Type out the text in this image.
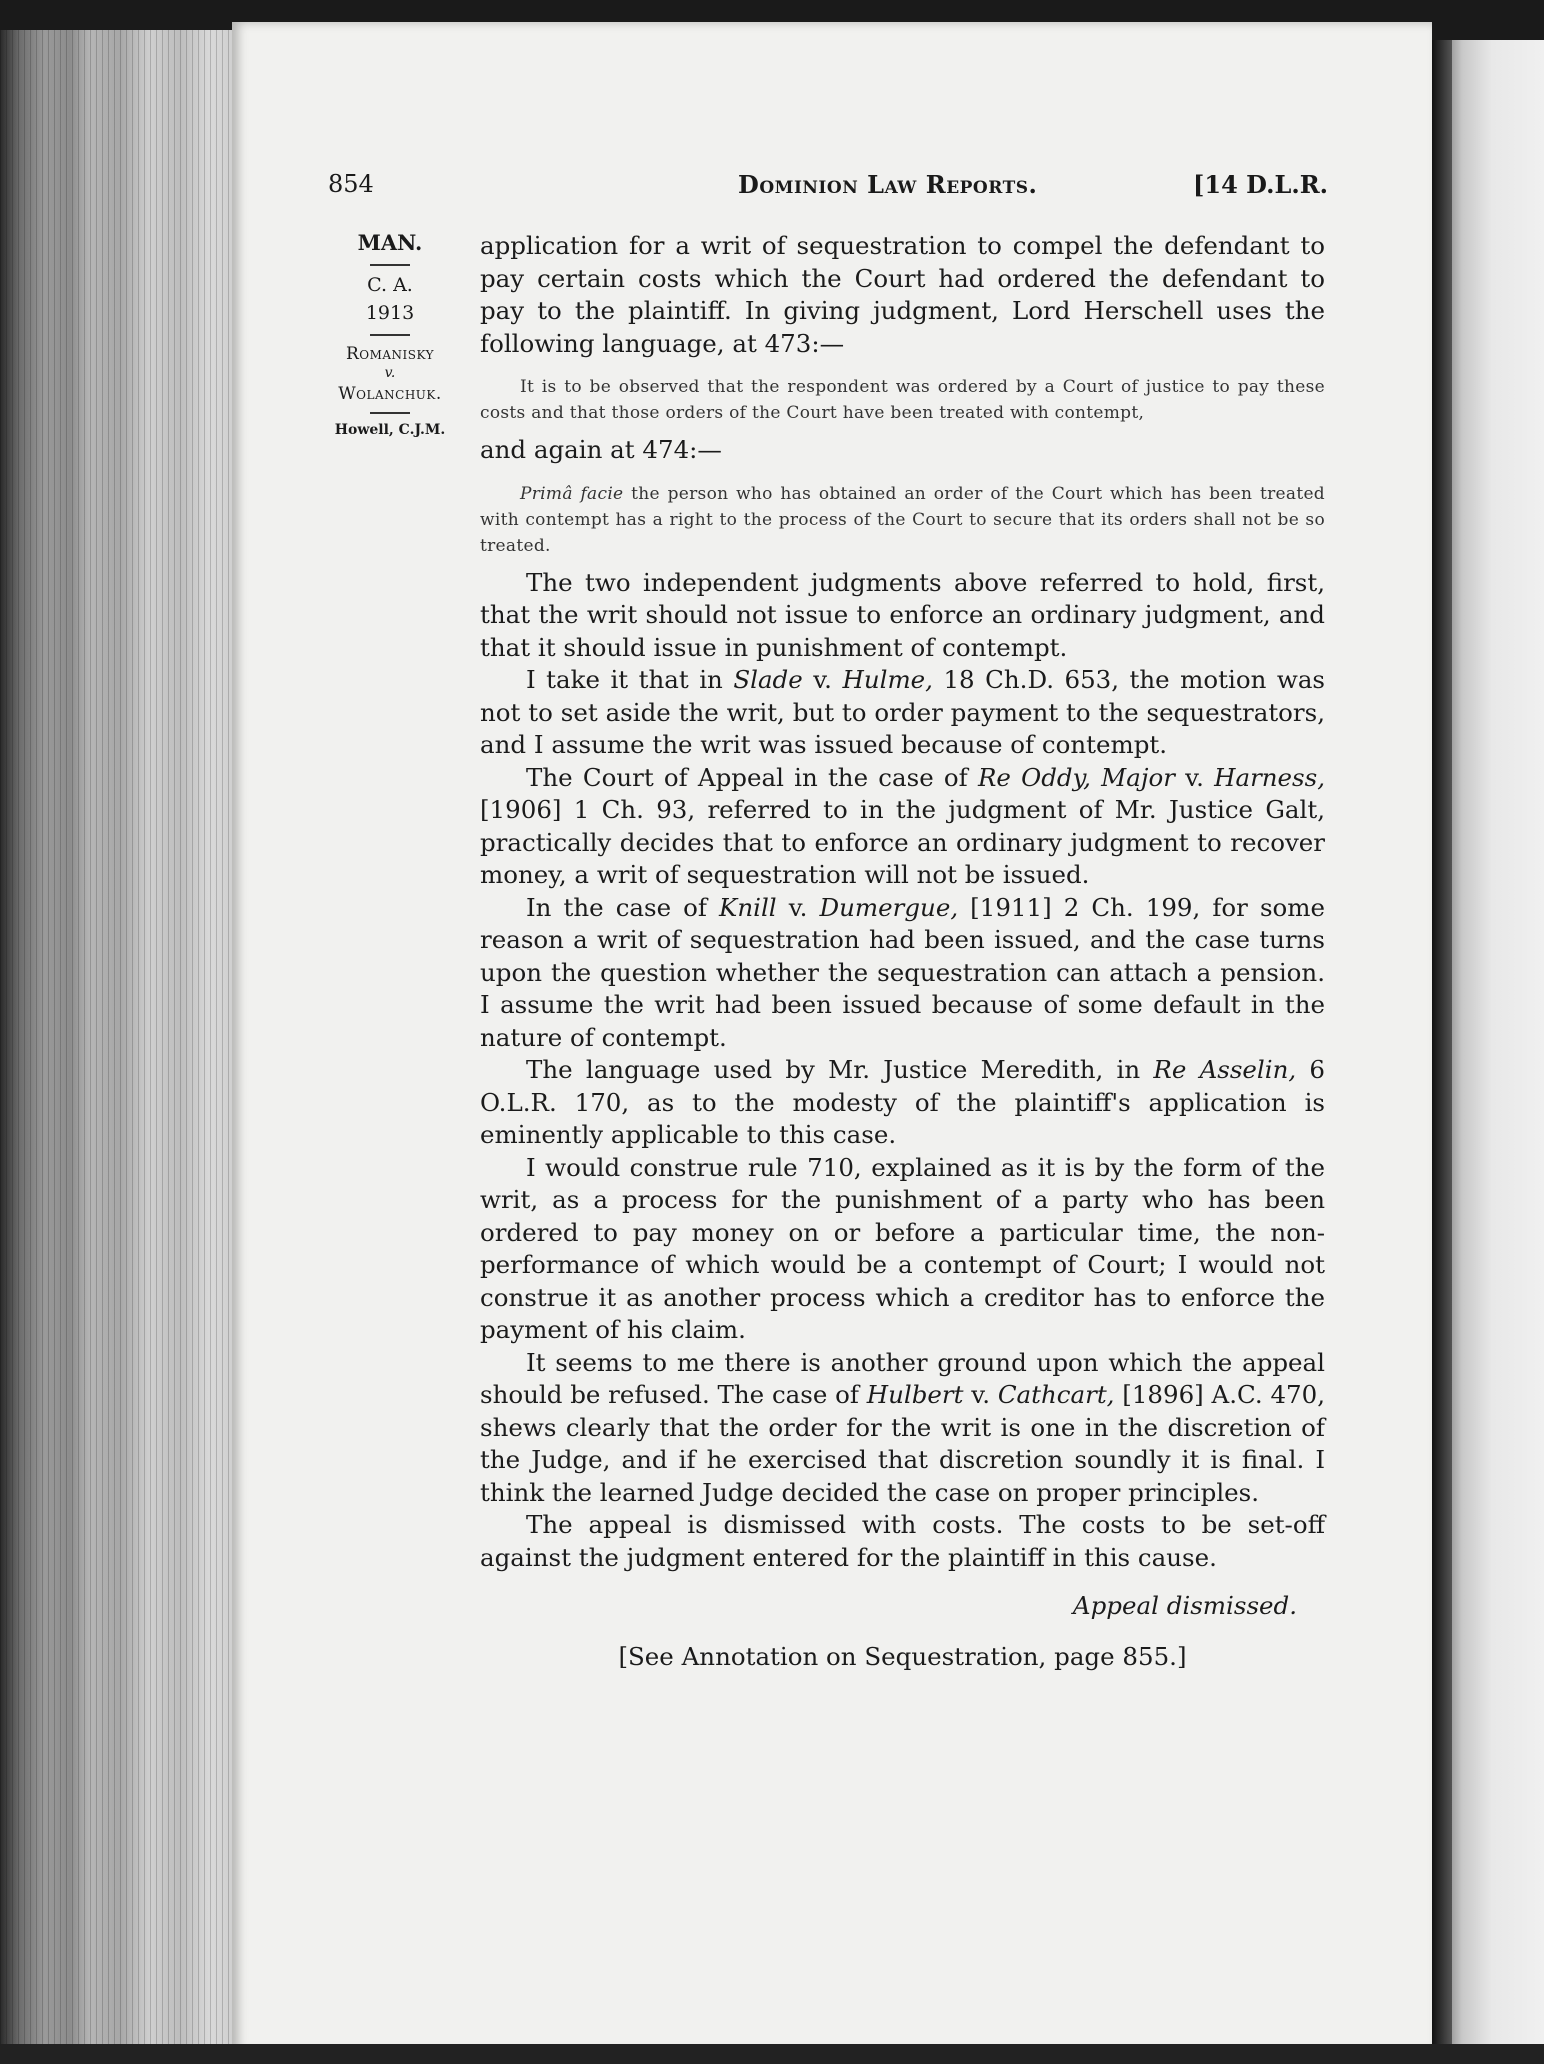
854	Dominion Law Reports.	[14 D.L.R.
MAN.
C. A.
1913
Romanisky
v.
Wolanchuk.
Howell, C.J.M.

application for a writ of sequestration to compel the defendant to pay certain costs which the Court had ordered the defendant to pay to the plaintiff. In giving judgment, Lord Herschell uses the following language, at 473:—

It is to be observed that the respondent was ordered by a Court of justice to pay these costs and that those orders of the Court have been treated with contempt,

and again at 474:—

Primâ facie the person who has obtained an order of the Court which has been treated with contempt has a right to the process of the Court to secure that its orders shall not be so treated.

The two independent judgments above referred to hold, first, that the writ should not issue to enforce an ordinary judgment, and that it should issue in punishment of contempt.

I take it that in Slade v. Hulme, 18 Ch.D. 653, the motion was not to set aside the writ, but to order payment to the sequestrators, and I assume the writ was issued because of contempt.

The Court of Appeal in the case of Re Oddy, Major v. Harness, [1906] 1 Ch. 93, referred to in the judgment of Mr. Justice Galt, practically decides that to enforce an ordinary judgment to recover money, a writ of sequestration will not be issued.

In the case of Knill v. Dumergue, [1911] 2 Ch. 199, for some reason a writ of sequestration had been issued, and the case turns upon the question whether the sequestration can attach a pension. I assume the writ had been issued because of some default in the nature of contempt.

The language used by Mr. Justice Meredith, in Re Asselin, 6 O.L.R. 170, as to the modesty of the plaintiff's application is eminently applicable to this case.

I would construe rule 710, explained as it is by the form of the writ, as a process for the punishment of a party who has been ordered to pay money on or before a particular time, the non-performance of which would be a contempt of Court; I would not construe it as another process which a creditor has to enforce the payment of his claim.

It seems to me there is another ground upon which the appeal should be refused. The case of Hulbert v. Cathcart, [1896] A.C. 470, shews clearly that the order for the writ is one in the discretion of the Judge, and if he exercised that discretion soundly it is final. I think the learned Judge decided the case on proper principles.

The appeal is dismissed with costs. The costs to be set-off against the judgment entered for the plaintiff in this cause.

Appeal dismissed.

[See Annotation on Sequestration, page 855.]
